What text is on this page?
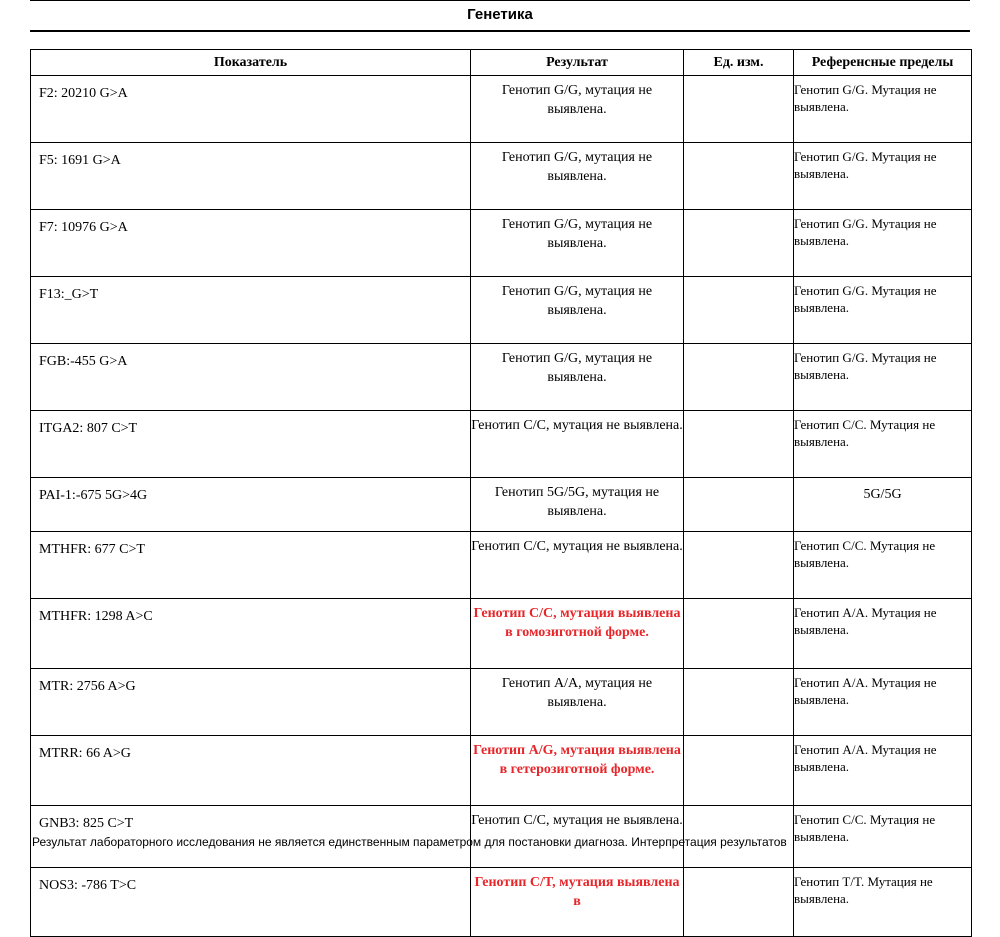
Генетика
Показатель	Результат	Ед. изм.	Референсные пределы
F2: 20210 G>A	Генотип G/G, мутация не выявлена.		Генотип G/G. Мутация не выявлена.
F5: 1691 G>A	Генотип G/G, мутация не выявлена.		Генотип G/G. Мутация не выявлена.
F7: 10976 G>A	Генотип G/G, мутация не выявлена.		Генотип G/G. Мутация не выявлена.
F13:_G>T	Генотип G/G, мутация не выявлена.		Генотип G/G. Мутация не выявлена.
FGB:-455 G>A	Генотип G/G, мутация не выявлена.		Генотип G/G. Мутация не выявлена.
ITGA2: 807 C>T	Генотип C/C, мутация не выявлена.		Генотип C/C. Мутация не выявлена.
PAI-1:-675 5G>4G	Генотип 5G/5G, мутация не выявлена.		5G/5G
MTHFR: 677 C>T	Генотип C/C, мутация не выявлена.		Генотип C/C. Мутация не выявлена.
MTHFR: 1298 A>C	Генотип С/С, мутация выявлена в гомозиготной форме.		Генотип A/A. Мутация не выявлена.
MTR: 2756 A>G	Генотип A/A, мутация не выявлена.		Генотип A/A. Мутация не выявлена.
MTRR: 66 A>G	Генотип A/G, мутация выявлена в гетерозиготной форме.		Генотип A/A. Мутация не выявлена.
GNB3: 825 C>T	Генотип C/C, мутация не выявлена.		Генотип C/C. Мутация не выявлена.
NOS3: -786 T>C	Генотип C/T, мутация выявлена в		Генотип T/T. Мутация не выявлена.
Результат лабораторного исследования не является единственным параметром для постановки диагноза. Интерпретация результатов
